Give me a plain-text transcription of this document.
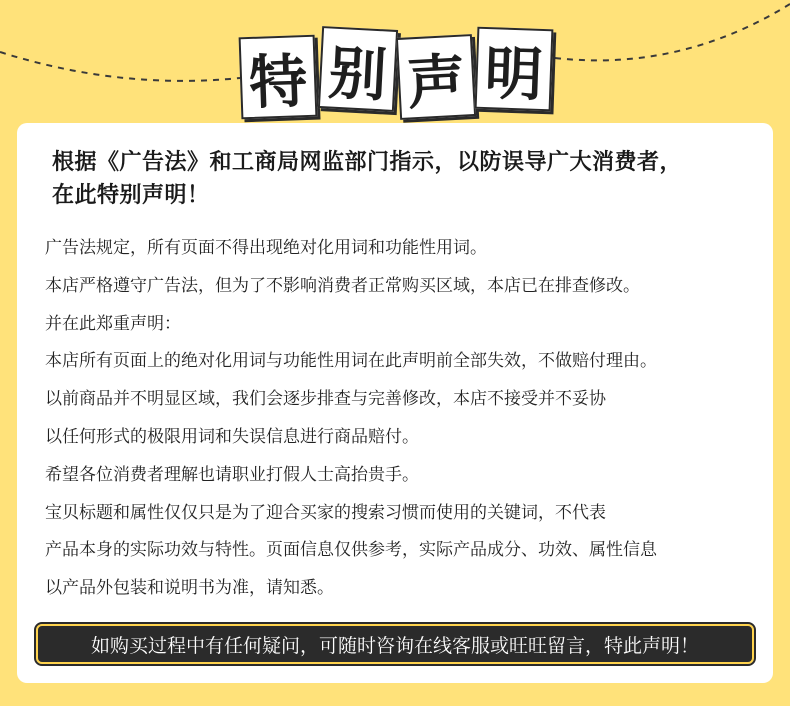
特 别 声 明
根据《广告法》和工商局网监部门指示，以防误导广大消费者，
在此特别声明！
广告法规定，所有页面不得出现绝对化用词和功能性用词。
本店严格遵守广告法，但为了不影响消费者正常购买区域，本店已在排查修改。
并在此郑重声明：
本店所有页面上的绝对化用词与功能性用词在此声明前全部失效，不做赔付理由。
以前商品并不明显区域，我们会逐步排查与完善修改，本店不接受并不妥协
以任何形式的极限用词和失误信息进行商品赔付。
希望各位消费者理解也请职业打假人士高抬贵手。
宝贝标题和属性仅仅只是为了迎合买家的搜索习惯而使用的关键词，不代表
产品本身的实际功效与特性。页面信息仅供参考，实际产品成分、功效、属性信息
以产品外包装和说明书为准，请知悉。
如购买过程中有任何疑问，可随时咨询在线客服或旺旺留言，特此声明！
